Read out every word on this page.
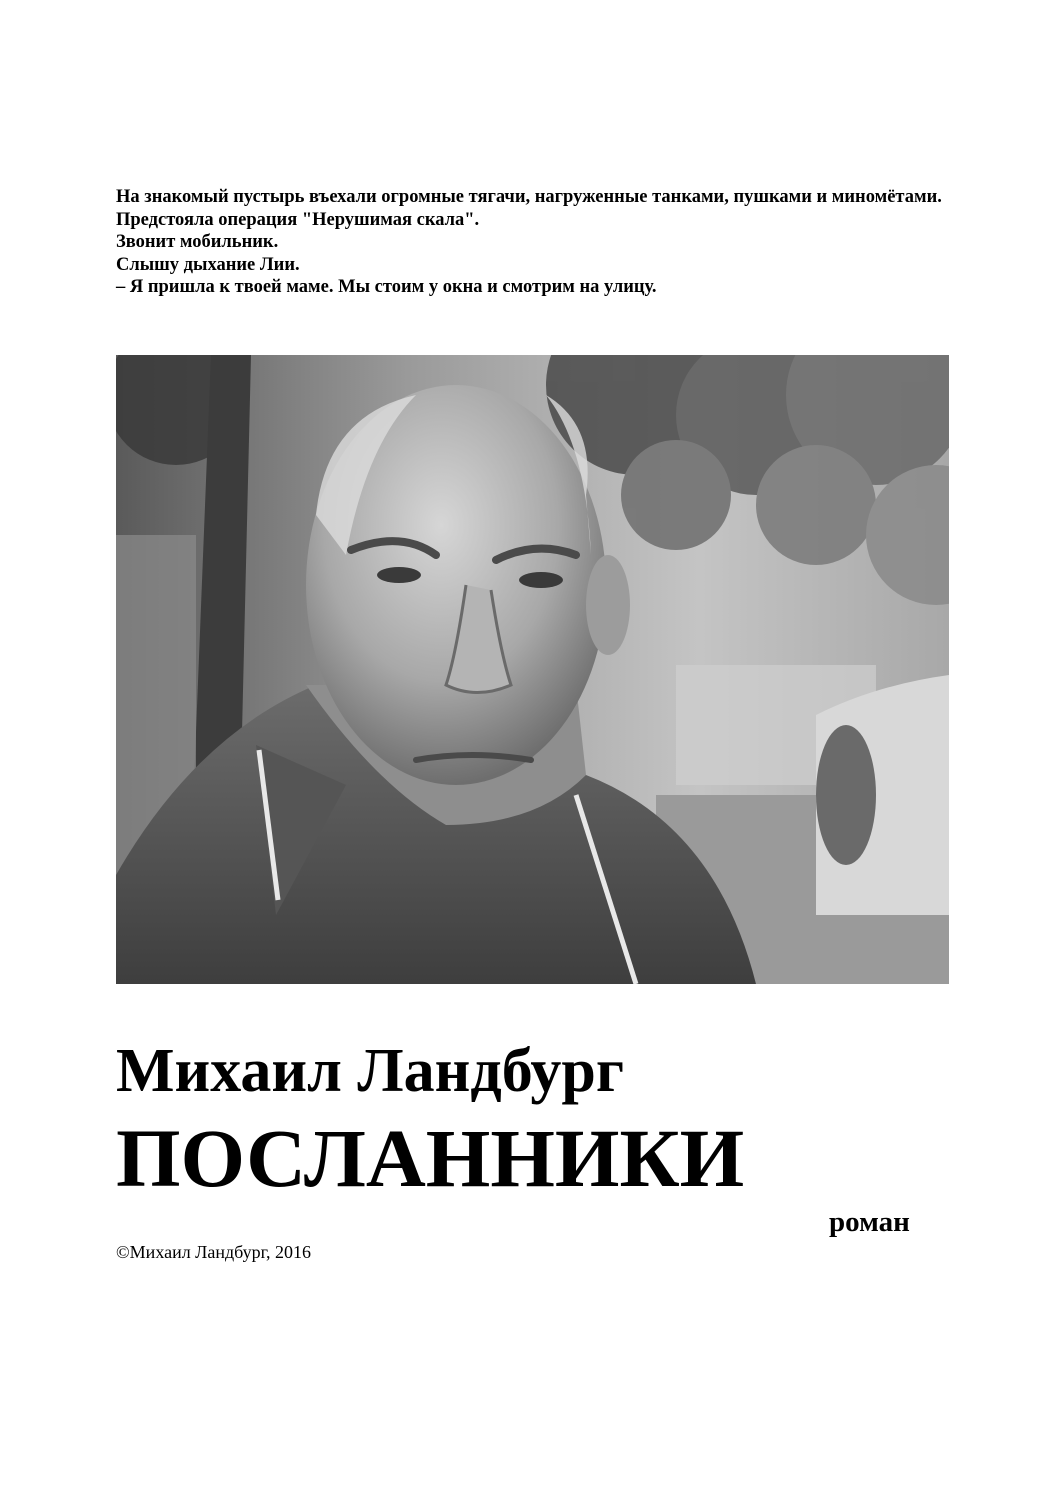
На знакомый пустырь въехали огромные тягачи, нагруженные танками, пушками и миномётами.

Предстояла операция "Нерушимая скала".

Звонит мобильник.

Слышу дыхание Лии.

– Я пришла к твоей маме. Мы стоим у окна и смотрим на улицу.

Михаил Ландбург
ПОСЛАННИКИ
роман
©Михаил Ландбург, 2016
